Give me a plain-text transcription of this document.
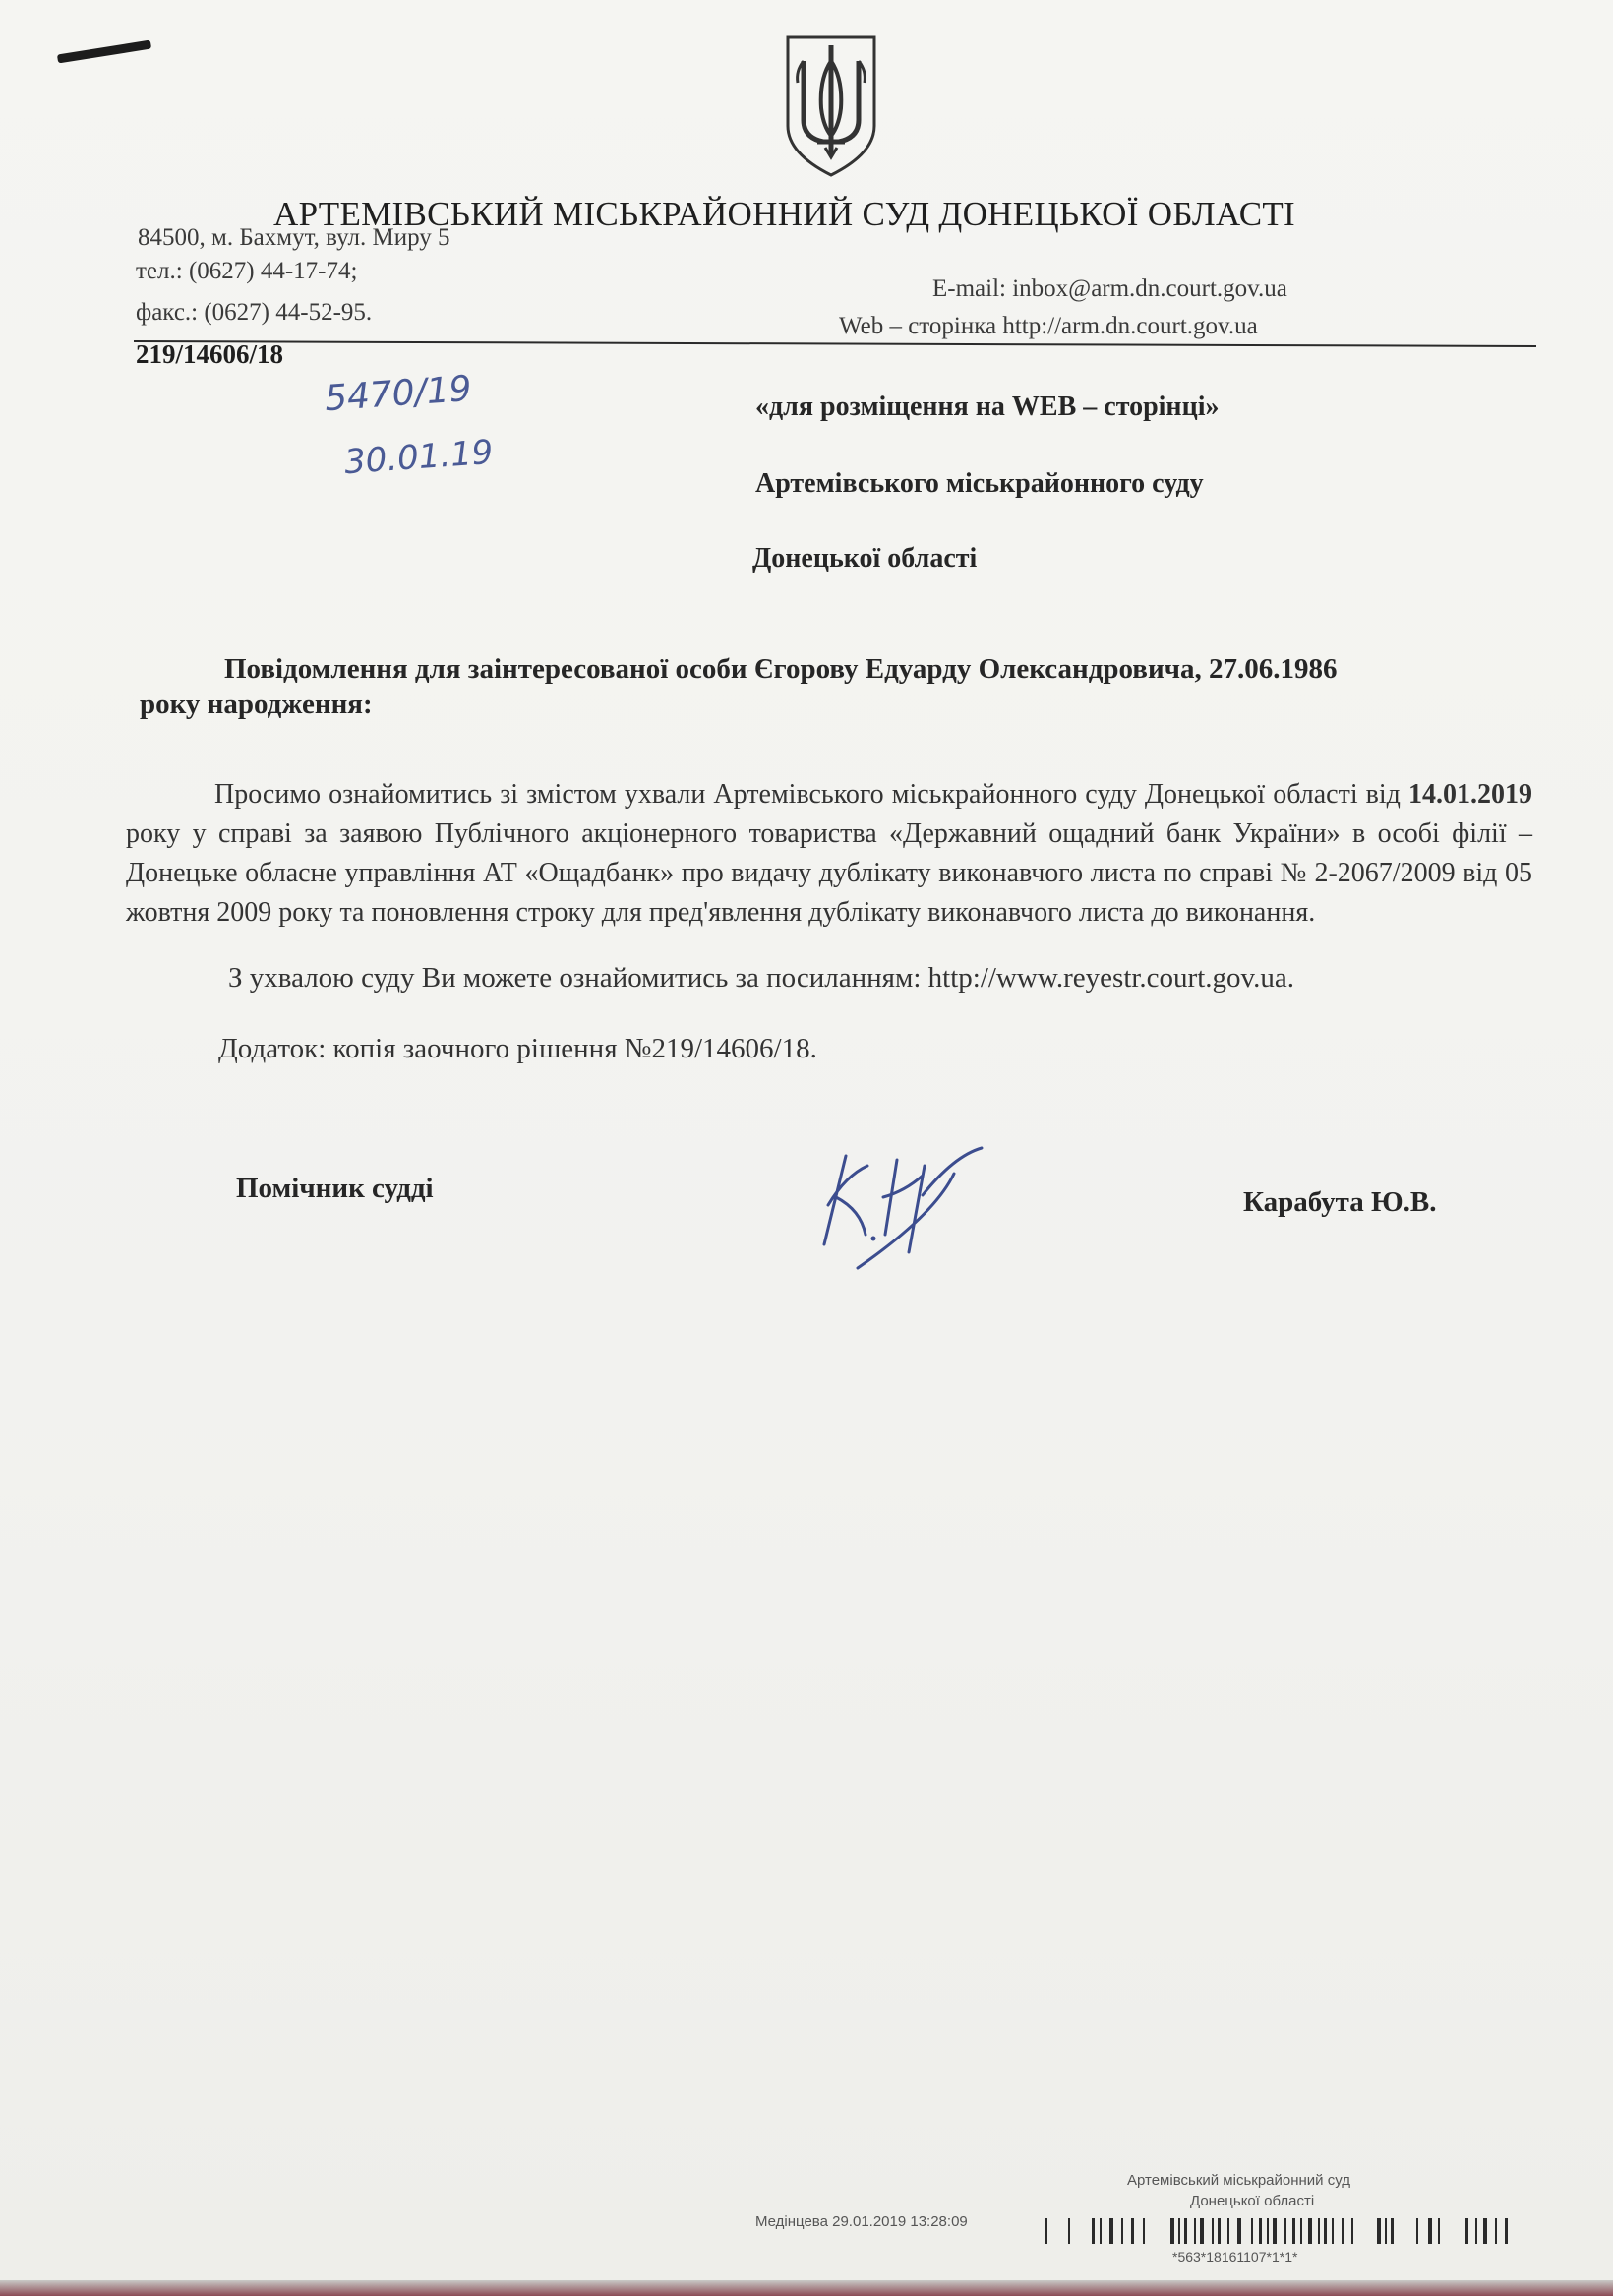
АРТЕМІВСЬКИЙ МІСЬКРАЙОННИЙ СУД ДОНЕЦЬКОЇ ОБЛАСТІ
84500, м. Бахмут, вул. Миру 5
тел.: (0627) 44-17-74;
факс.: (0627) 44-52-95.
E-mail: inbox@arm.dn.court.gov.ua
Web – сторінка http://arm.dn.court.gov.ua
219/14606/18
5470/19
30.01.19
«для розміщення на WEB – сторінці»
Артемівського міськрайонного суду
Донецької області
Повідомлення для заінтересованої особи Єгорову Едуарду Олександровича, 27.06.1986
року народження:

Просимо ознайомитись зі змістом ухвали Артемівського міськрайонного суду Донецької області від 14.01.2019 року у справі за заявою Публічного акціонерного товариства «Державний ощадний банк України» в особі філії – Донецьке обласне управління АТ «Ощадбанк» про видачу дублікату виконавчого листа по справі № 2-2067/2009 від 05 жовтня 2009 року та поновлення строку для пред'явлення дублікату виконавчого листа до виконання.

З ухвалою суду Ви можете ознайомитись за посиланням: http://www.reyestr.court.gov.ua.
Додаток: копія заочного рішення №219/14606/18.
Помічник судді	Карабута Ю.В.
Артемівський міськрайонний суд
Донецької області
Медінцева 29.01.2019 13:28:09
*563*18161107*1*1*
